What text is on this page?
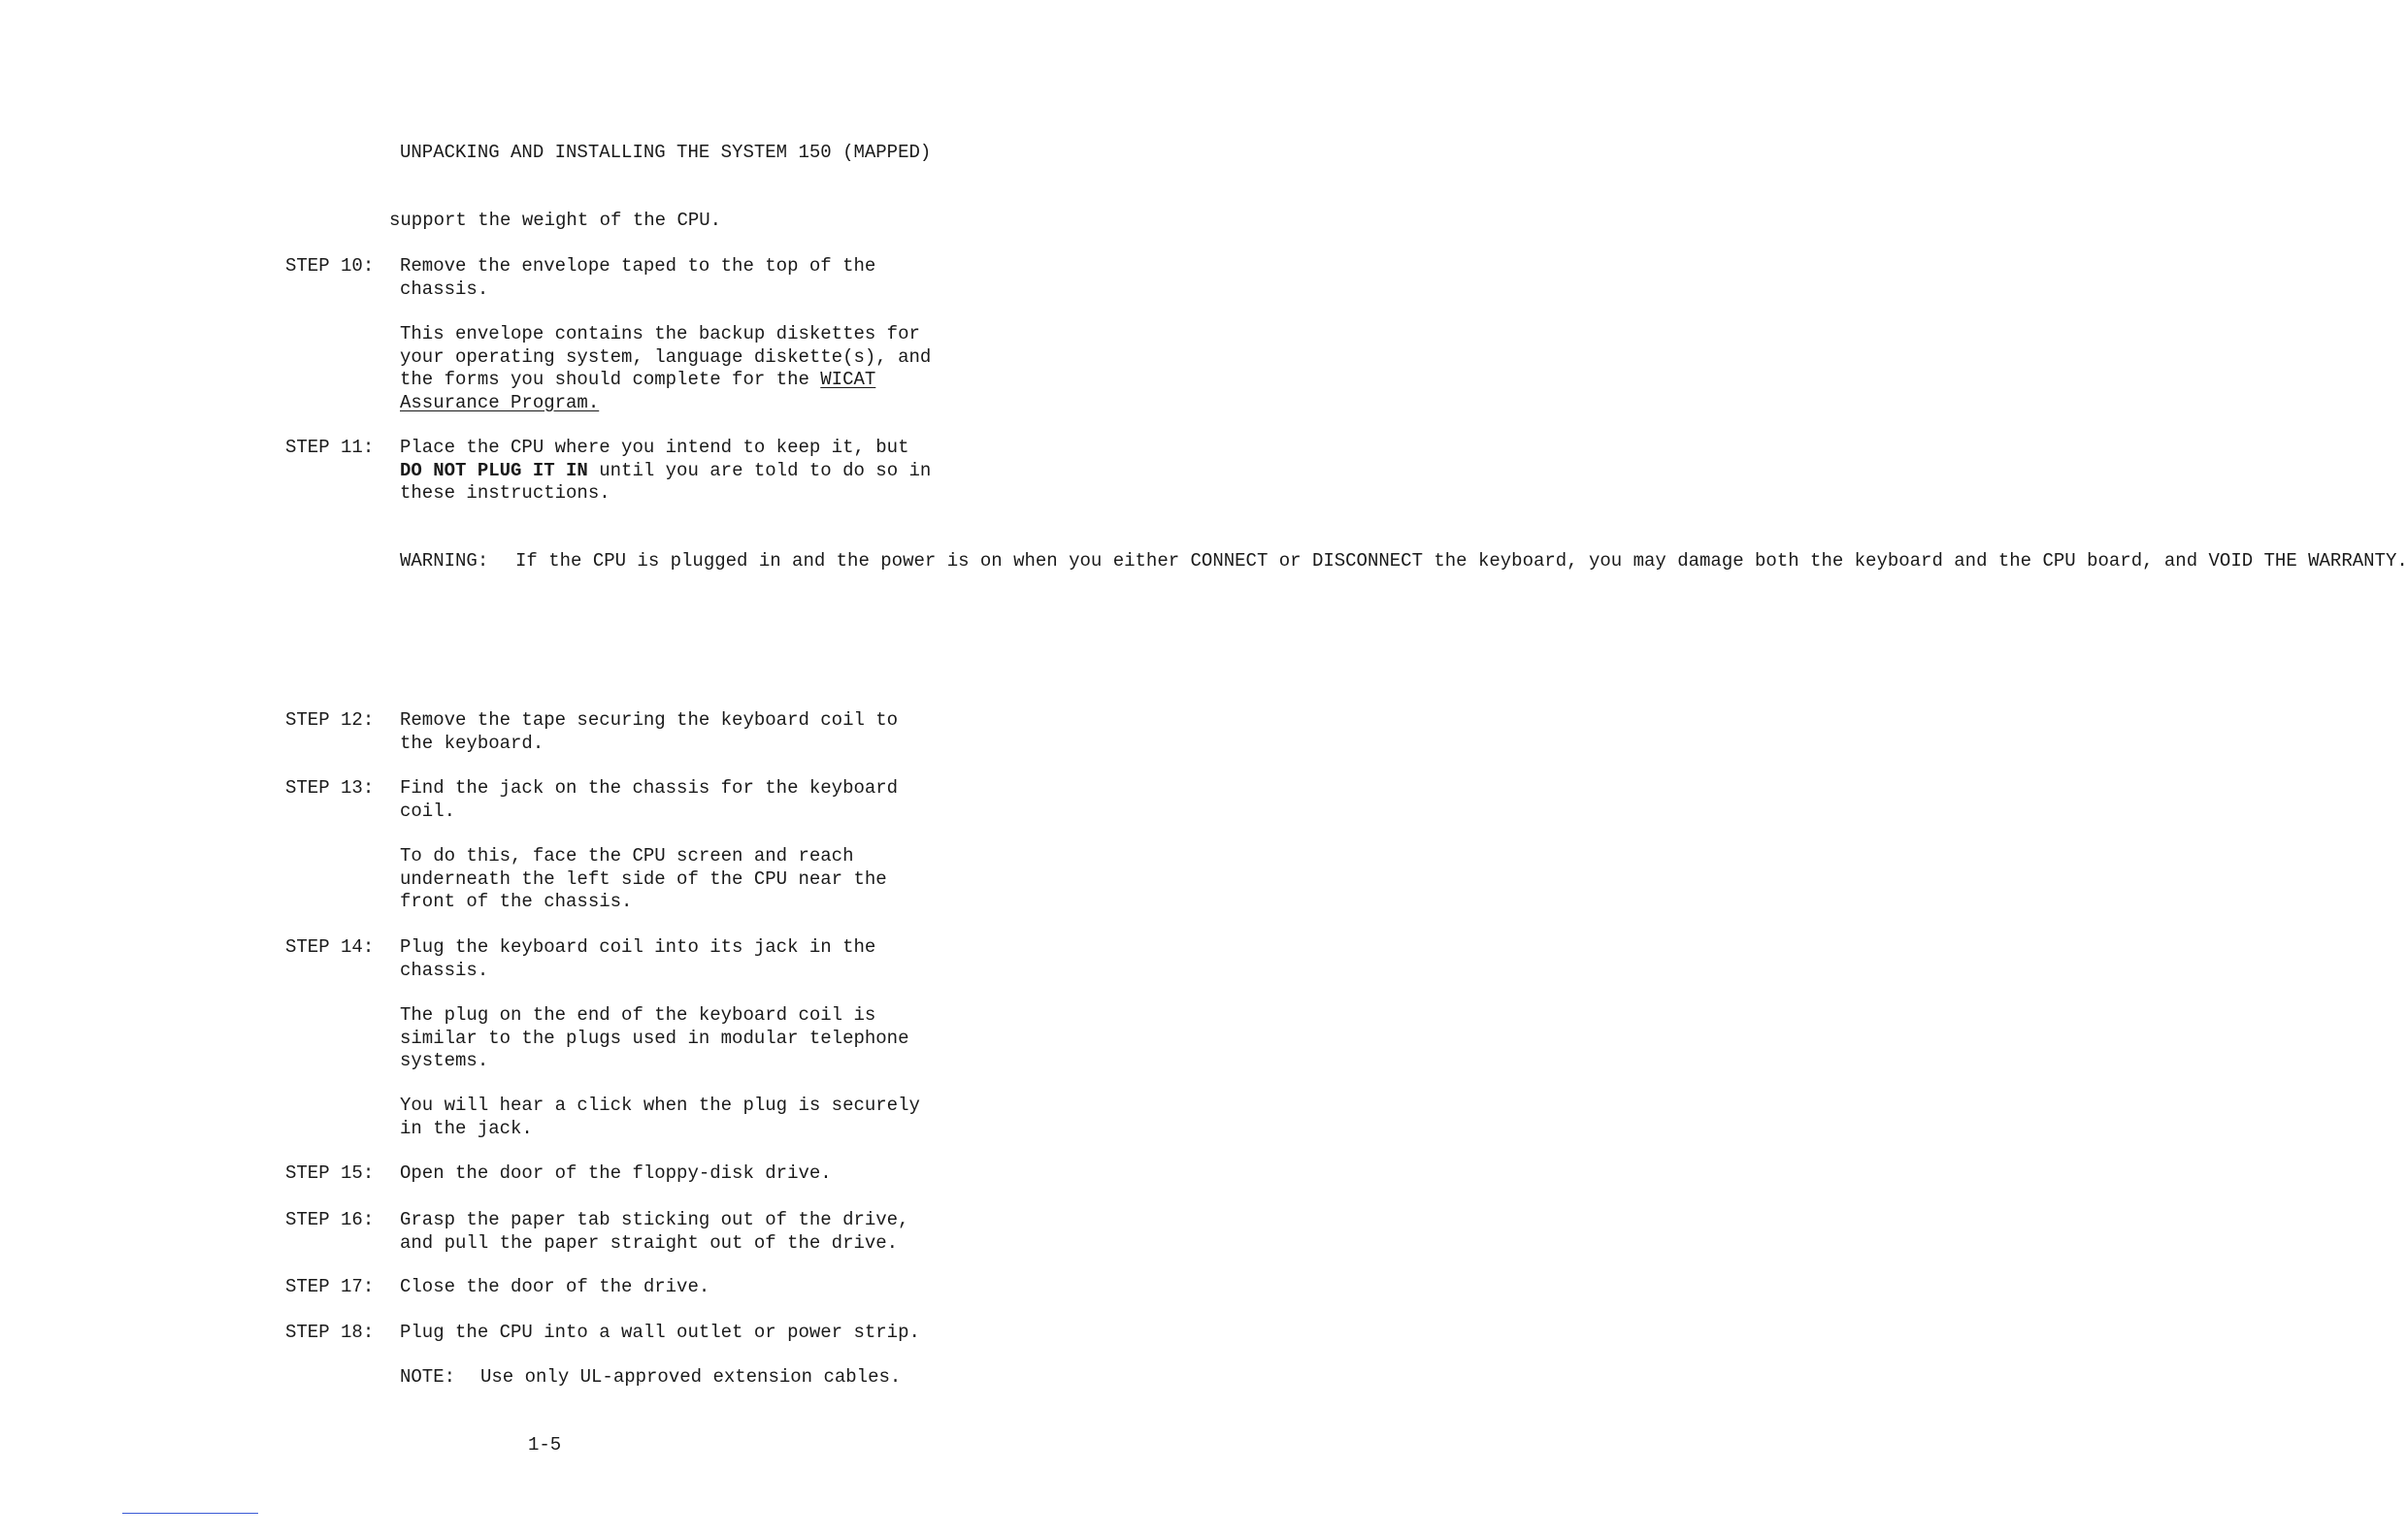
UNPACKING AND INSTALLING THE SYSTEM 150 (MAPPED)
support the weight of the CPU.
STEP 10: Remove the envelope taped to the top of the
chassis.
This envelope contains the backup diskettes for
your operating system, language diskette(s), and
the forms you should complete for the WICAT
Assurance Program.
STEP 11: Place the CPU where you intend to keep it, but
DO NOT PLUG IT IN until you are told to do so in
these instructions.
WARNING: If the CPU is plugged in and the power is on when you either CONNECT or DISCONNECT the keyboard, you may damage both the keyboard and the CPU board, and VOID THE WARRANTY.
STEP 12: Remove the tape securing the keyboard coil to
the keyboard.
STEP 13: Find the jack on the chassis for the keyboard
coil.
To do this, face the CPU screen and reach
underneath the left side of the CPU near the
front of the chassis.
STEP 14: Plug the keyboard coil into its jack in the
chassis.
The plug on the end of the keyboard coil is
similar to the plugs used in modular telephone
systems.
You will hear a click when the plug is securely
in the jack.
STEP 15: Open the door of the floppy-disk drive.
STEP 16: Grasp the paper tab sticking out of the drive,
and pull the paper straight out of the drive.
STEP 17: Close the door of the drive.
STEP 18: Plug the CPU into a wall outlet or power strip.
NOTE: Use only UL-approved extension cables.
1-5
